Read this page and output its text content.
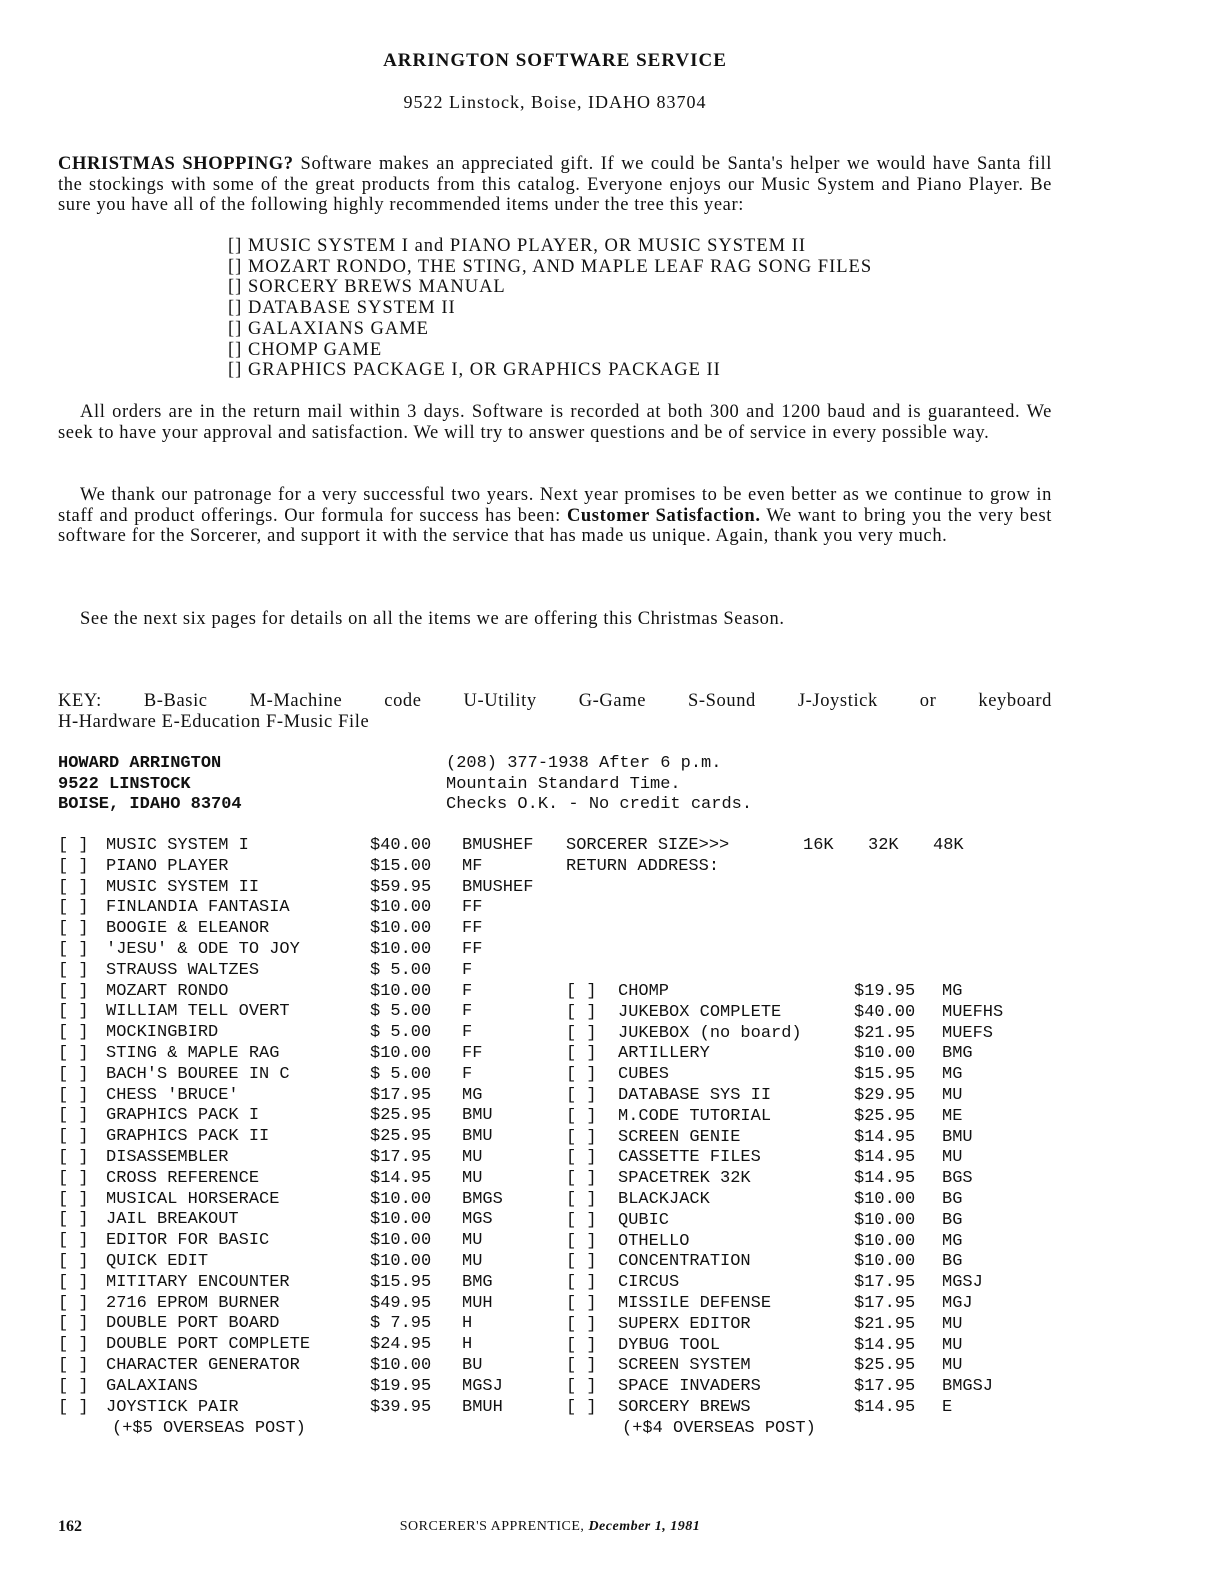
ARRINGTON SOFTWARE SERVICE
9522 Linstock, Boise, IDAHO 83704

CHRISTMAS SHOPPING? Software makes an appreciated gift. If we could be Santa's helper we would have Santa fill the stockings with some of the great products from this catalog. Everyone enjoys our Music System and Piano Player. Be sure you have all of the following highly recommended items under the tree this year:

[] MUSIC SYSTEM I and PIANO PLAYER, OR MUSIC SYSTEM II
[] MOZART RONDO, THE STING, AND MAPLE LEAF RAG SONG FILES
[] SORCERY BREWS MANUAL
[] DATABASE SYSTEM II
[] GALAXIANS GAME
[] CHOMP GAME
[] GRAPHICS PACKAGE I, OR GRAPHICS PACKAGE II
All orders are in the return mail within 3 days. Software is recorded at both 300 and 1200 baud and is guaranteed. We seek to have your approval and satisfaction. We will try to answer questions and be of service in every possible way.
We thank our patronage for a very successful two years. Next year promises to be even better as we continue to grow in staff and product offerings. Our formula for success has been: Customer Satisfaction. We want to bring you the very best software for the Sorcerer, and support it with the service that has made us unique. Again, thank you very much.
See the next six pages for details on all the items we are offering this Christmas Season.
KEY: B-Basic M-Machine code U-Utility G-Game S-Sound J-Joystick or keyboard
H-Hardware E-Education F-Music File
HOWARD ARRINGTON
9522 LINSTOCK
BOISE, IDAHO 83704
(208) 377-1938 After 6 p.m.
Mountain Standard Time.
Checks O.K. - No credit cards.
SORCERER SIZE>>>	16K 32K 48K
RETURN ADDRESS:
[ ] MUSIC SYSTEM I	$40.00 BMUSHEF
[ ] PIANO PLAYER	$15.00 MF
[ ] MUSIC SYSTEM II	$59.95 BMUSHEF
[ ] FINLANDIA FANTASIA	$10.00 FF
[ ] BOOGIE & ELEANOR	$10.00 FF
[ ] 'JESU' & ODE TO JOY	$10.00 FF
[ ] STRAUSS WALTZES	$ 5.00 F
[ ] MOZART RONDO	$10.00 F
[ ] WILLIAM TELL OVERT	$ 5.00 F
[ ] MOCKINGBIRD	$ 5.00 F
[ ] STING & MAPLE RAG	$10.00 FF
[ ] BACH'S BOUREE IN C	$ 5.00 F
[ ] CHESS 'BRUCE'	$17.95 MG
[ ] GRAPHICS PACK I	$25.95 BMU
[ ] GRAPHICS PACK II	$25.95 BMU
[ ] DISASSEMBLER	$17.95 MU
[ ] CROSS REFERENCE	$14.95 MU
[ ] MUSICAL HORSERACE	$10.00 BMGS
[ ] JAIL BREAKOUT	$10.00 MGS
[ ] EDITOR FOR BASIC	$10.00 MU
[ ] QUICK EDIT	$10.00 MU
[ ] MITITARY ENCOUNTER	$15.95 BMG
[ ] 2716 EPROM BURNER	$49.95 MUH
[ ] DOUBLE PORT BOARD	$ 7.95 H
[ ] DOUBLE PORT COMPLETE	$24.95 H
[ ] CHARACTER GENERATOR	$10.00 BU
[ ] GALAXIANS	$19.95 MGSJ
[ ] JOYSTICK PAIR	$39.95 BMUH
(+$5 OVERSEAS POST)
[ ] CHOMP	$19.95 MG
[ ] JUKEBOX COMPLETE	$40.00 MUEFHS
[ ] JUKEBOX (no board)	$21.95 MUEFS
[ ] ARTILLERY	$10.00 BMG
[ ] CUBES	$15.95 MG
[ ] DATABASE SYS II	$29.95 MU
[ ] M.CODE TUTORIAL	$25.95 ME
[ ] SCREEN GENIE	$14.95 BMU
[ ] CASSETTE FILES	$14.95 MU
[ ] SPACETREK 32K	$14.95 BGS
[ ] BLACKJACK	$10.00 BG
[ ] QUBIC	$10.00 BG
[ ] OTHELLO	$10.00 MG
[ ] CONCENTRATION	$10.00 BG
[ ] CIRCUS	$17.95 MGSJ
[ ] MISSILE DEFENSE	$17.95 MGJ
[ ] SUPERX EDITOR	$21.95 MU
[ ] DYBUG TOOL	$14.95 MU
[ ] SCREEN SYSTEM	$25.95 MU
[ ] SPACE INVADERS	$17.95 BMGSJ
[ ] SORCERY BREWS	$14.95 E
(+$4 OVERSEAS POST)
162	SORCERER'S APPRENTICE, December 1, 1981
